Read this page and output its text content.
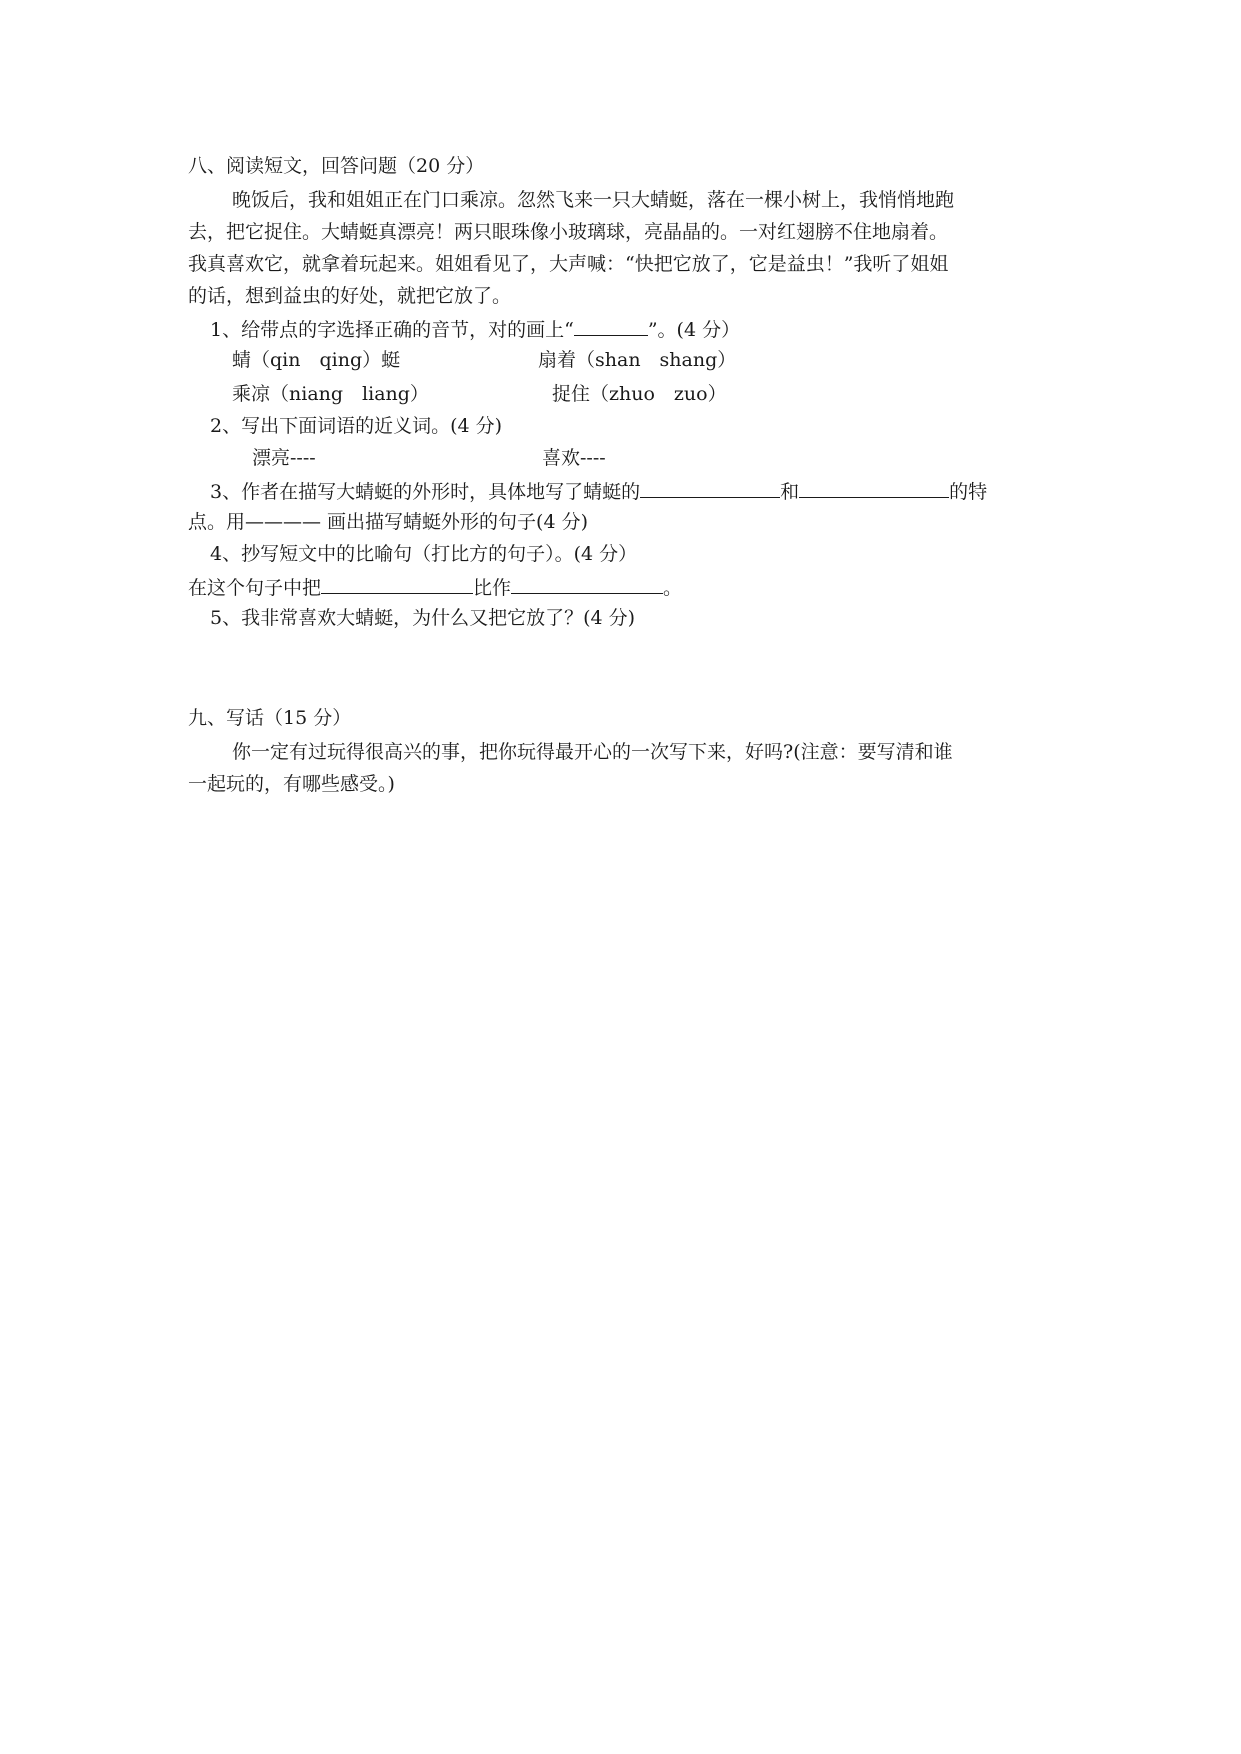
八、阅读短文，回答问题（20 分）
晚饭后，我和姐姐正在门口乘凉。忽然飞来一只大蜻蜓，落在一棵小树上，我悄悄地跑
去，把它捉住。大蜻蜓真漂亮！两只眼珠像小玻璃球，亮晶晶的。一对红翅膀不住地扇着。
我真喜欢它，就拿着玩起来。姐姐看见了，大声喊：“快把它放了，它是益虫！”我听了姐姐
的话，想到益虫的好处，就把它放了。
1、给带点的字选择正确的音节，对的画上“	”。(4 分）
蜻（qin　qing）蜓	扇着（shan　shang）
乘凉（niang　liang）	捉住（zhuo　zuo）
2、写出下面词语的近义词。(4 分)
漂亮----	喜欢----
3、作者在描写大蜻蜓的外形时，具体地写了蜻蜓的	和	的特
点。用———— 画出描写蜻蜓外形的句子(4 分)
4、抄写短文中的比喻句（打比方的句子）。(4 分）
在这个句子中把	比作	。
5、我非常喜欢大蜻蜓，为什么又把它放了？(4 分)
九、写话（15 分）
你一定有过玩得很高兴的事，把你玩得最开心的一次写下来，好吗?(注意：要写清和谁
一起玩的，有哪些感受。)
